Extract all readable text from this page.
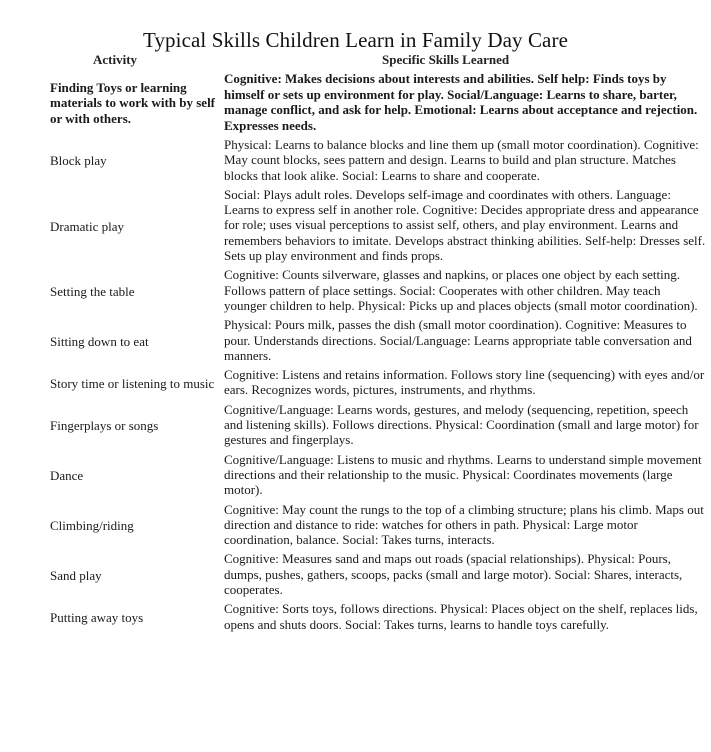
Typical Skills Children Learn in Family Day Care
Activity	Specific Skills Learned
Finding Toys or learning materials to work with by self or with others.
Cognitive: Makes decisions about interests and abilities. Self help: Finds toys by himself or sets up environment for play. Social/Language: Learns to share, barter, manage conflict, and ask for help. Emotional: Learns about acceptance and rejection. Expresses needs.
Block play
Physical: Learns to balance blocks and line them up (small motor coordination). Cognitive: May count blocks, sees pattern and design. Learns to build and plan structure. Matches blocks that look alike. Social: Learns to share and cooperate.
Dramatic play
Social: Plays adult roles. Develops self-image and coordinates with others. Language: Learns to express self in another role. Cognitive: Decides appropriate dress and appearance for role; uses visual perceptions to assist self, others, and play environment. Learns and remembers behaviors to imitate. Develops abstract thinking abilities. Self-help: Dresses self. Sets up play environment and finds props.
Setting the table
Cognitive: Counts silverware, glasses and napkins, or places one object by each setting. Follows pattern of place settings. Social: Cooperates with other children. May teach younger children to help. Physical: Picks up and places objects (small motor coordination).
Sitting down to eat
Physical: Pours milk, passes the dish (small motor coordination). Cognitive: Measures to pour. Understands directions. Social/Language: Learns appropriate table conversation and manners.
Story time or listening to music
Cognitive: Listens and retains information. Follows story line (sequencing) with eyes and/or ears. Recognizes words, pictures, instruments, and rhythms.
Fingerplays or songs
Cognitive/Language: Learns words, gestures, and melody (sequencing, repetition, speech and listening skills). Follows directions. Physical: Coordination (small and large motor) for gestures and fingerplays.
Dance
Cognitive/Language: Listens to music and rhythms. Learns to understand simple movement directions and their relationship to the music. Physical: Coordinates movements (large motor).
Climbing/riding
Cognitive: May count the rungs to the top of a climbing structure; plans his climb. Maps out direction and distance to ride: watches for others in path. Physical: Large motor coordination, balance. Social: Takes turns, interacts.
Sand play
Cognitive: Measures sand and maps out roads (spacial relationships). Physical: Pours, dumps, pushes, gathers, scoops, packs (small and large motor). Social: Shares, interacts, cooperates.
Putting away toys
Cognitive: Sorts toys, follows directions. Physical: Places object on the shelf, replaces lids, opens and shuts doors. Social: Takes turns, learns to handle toys carefully.
